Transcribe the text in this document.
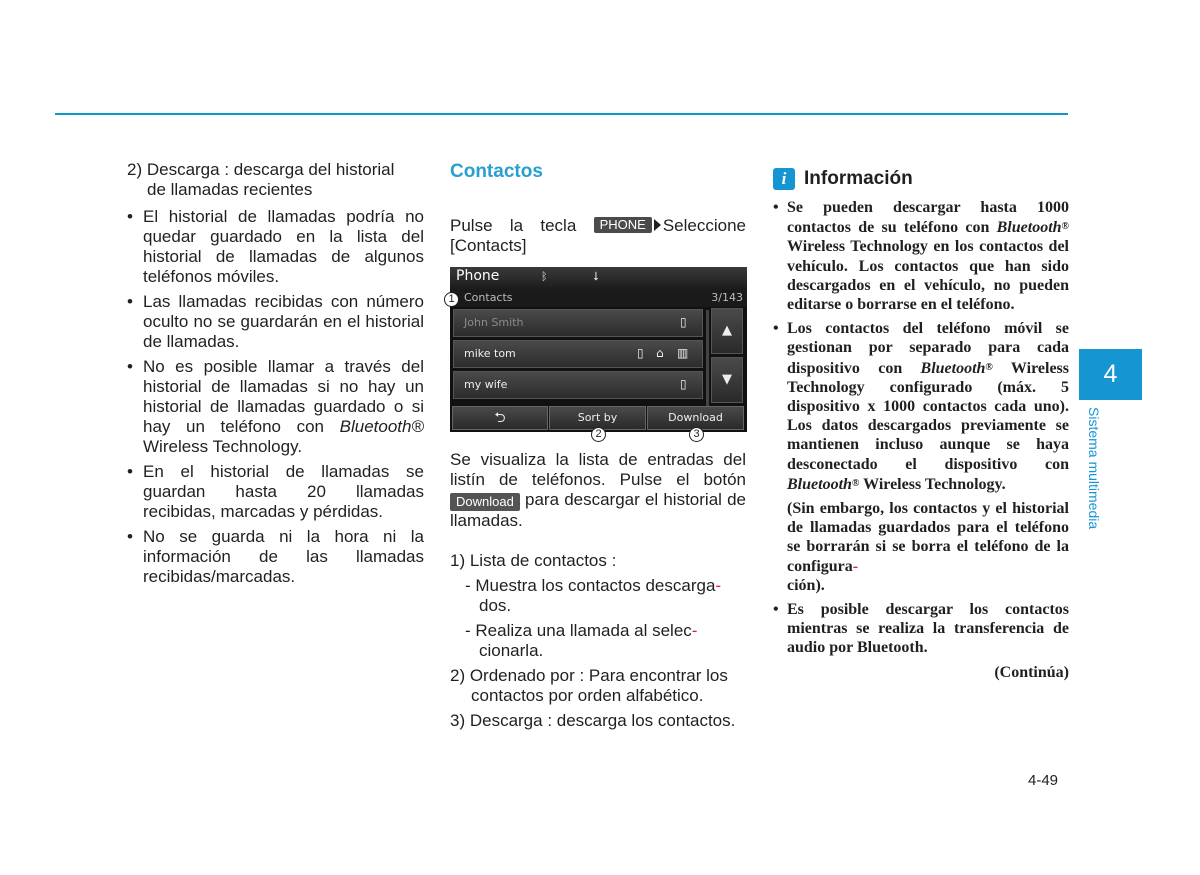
2) Descarga : descarga del historial
de llamadas recientes

• El historial de llamadas podría no quedar guardado en la lista del historial de llamadas de algunos teléfonos móviles.
• Las llamadas recibidas con número oculto no se guardarán en el historial de llamadas.
• No es posible llamar a través del historial de llamadas si no hay un historial de llamadas guardado o si hay un teléfono con Bluetooth® Wireless Technology.
• En el historial de llamadas se guardan hasta 20 llamadas recibidas, marcadas y pérdidas.
• No se guarda ni la hora ni la información de las llamadas recibidas/marcadas.
Contactos

Pulse la tecla PHONE Seleccione [Contacts]

Se visualiza la lista de entradas del listín de teléfonos. Pulse el botón Download para descargar el historial de llamadas.

1) Lista de contactos :
- Muestra los contactos descarga-
dos.
- Realiza una llamada al selec-
cionarla.
2) Ordenado por : Para encontrar los contactos por orden alfabético.
3) Descarga : descarga los contactos.
Phone	ᛒ	⭣
Contacts	3/143
John Smith	▯
mike tom	▯ ⌂ ▥
my wife	▯
▲
▼
⮌	Sort by	Download
1
2	3
i Información
• Se pueden descargar hasta 1000 contactos de su teléfono con Bluetooth® Wireless Technology en los contactos del vehículo. Los contactos que han sido descargados en el vehículo, no pueden editarse o borrarse en el teléfono.
• Los contactos del teléfono móvil se gestionan por separado para cada dispositivo con Bluetooth® Wireless Technology configurado (máx. 5 dispositivo x 1000 contactos cada uno). Los datos descargados previamente se mantienen incluso aunque se haya desconectado el dispositivo con Bluetooth® Wireless Technology.

(Sin embargo, los contactos y el historial de llamadas guardados para el teléfono se borrarán si se borra el teléfono de la configura-
ción).

• Es posible descargar los contactos mientras se realiza la transferencia de audio por Bluetooth.
(Continúa)
4
Sistema multimedia
4-49
